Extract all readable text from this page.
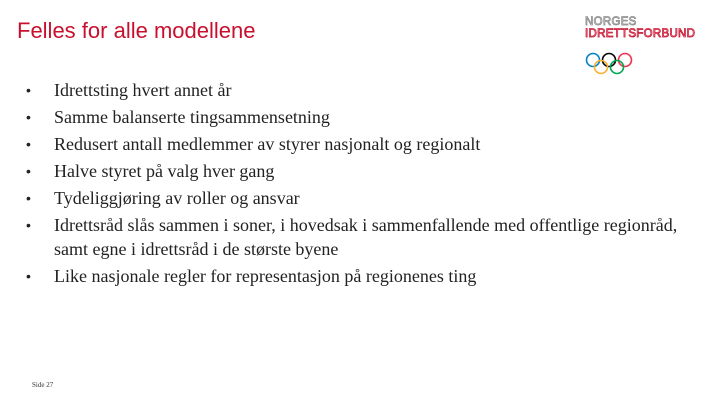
Felles for alle modellene	NORGES
IDRETTSFORBUND
•	Idrettsting hvert annet år
•	Samme balanserte tingsammensetning
•	Redusert antall medlemmer av styrer nasjonalt og regionalt
•	Halve styret på valg hver gang
•	Tydeliggjøring av roller og ansvar
•	Idrettsråd slås sammen i soner, i hovedsak i sammenfallende med offentlige regionråd, samt egne i idrettsråd i de største byene
•	Like nasjonale regler for representasjon på regionenes ting
Side 27
